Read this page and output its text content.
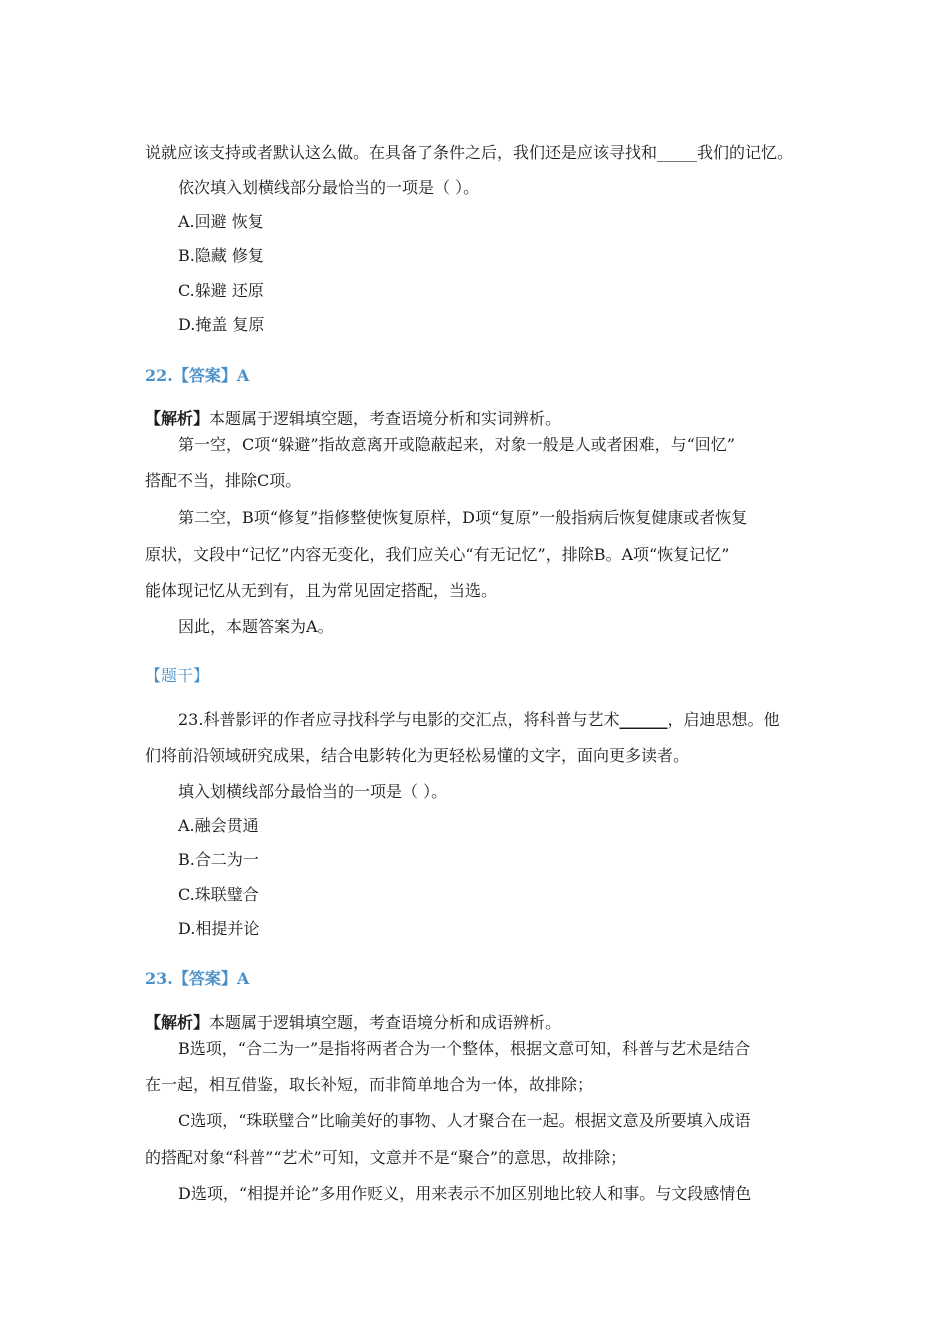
说就应该支持或者默认这么做。在具备了条件之后，我们还是应该寻找和_____我们的记忆。
依次填入划横线部分最恰当的一项是（ ）。
A.回避 恢复
B.隐藏 修复
C.躲避 还原
D.掩盖 复原
22.【答案】A
【解析】本题属于逻辑填空题，考查语境分析和实词辨析。
第一空，C项“躲避”指故意离开或隐蔽起来，对象一般是人或者困难，与“回忆”
搭配不当，排除C项。
第二空，B项“修复”指修整使恢复原样，D项“复原”一般指病后恢复健康或者恢复
原状，文段中“记忆”内容无变化，我们应关心“有无记忆”，排除B。A项“恢复记忆”
能体现记忆从无到有，且为常见固定搭配，当选。
因此，本题答案为A。
【题干】
23.科普影评的作者应寻找科学与电影的交汇点，将科普与艺术______，启迪思想。他
们将前沿领域研究成果，结合电影转化为更轻松易懂的文字，面向更多读者。
填入划横线部分最恰当的一项是（ ）。
A.融会贯通
B.合二为一
C.珠联璧合
D.相提并论
23.【答案】A
【解析】本题属于逻辑填空题，考查语境分析和成语辨析。
B选项，“合二为一”是指将两者合为一个整体，根据文意可知，科普与艺术是结合
在一起，相互借鉴，取长补短，而非简单地合为一体，故排除；
C选项，“珠联璧合”比喻美好的事物、人才聚合在一起。根据文意及所要填入成语
的搭配对象“科普”“艺术”可知，文意并不是“聚合”的意思，故排除；
D选项，“相提并论”多用作贬义，用来表示不加区别地比较人和事。与文段感情色
